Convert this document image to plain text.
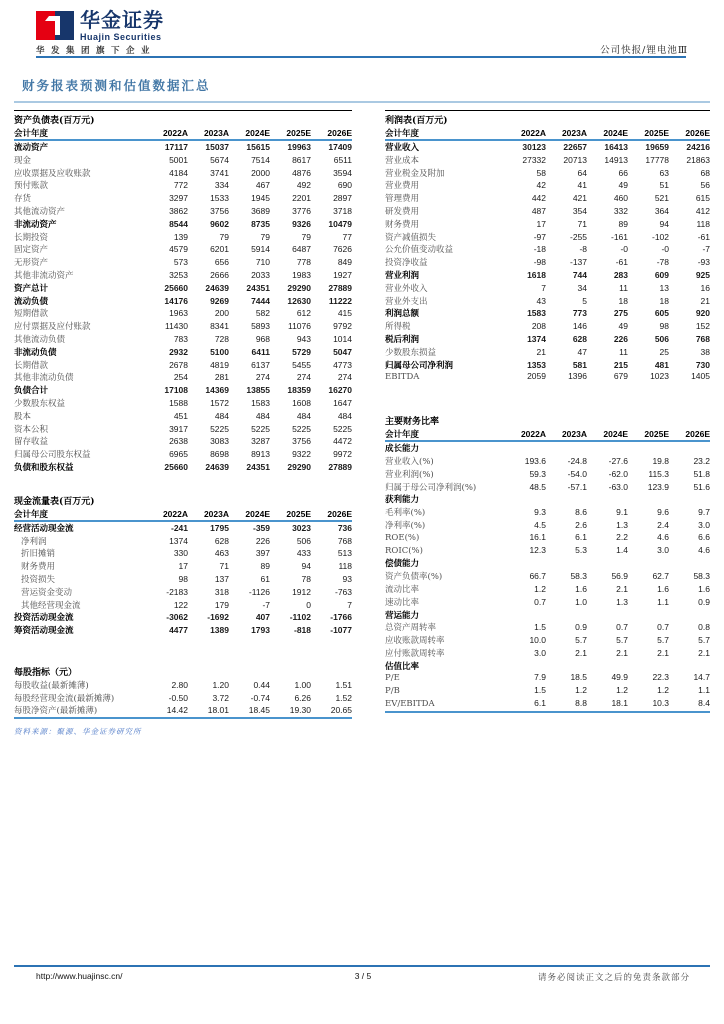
华金证券
Huajin Securities
华发集团旗下企业	公司快报/锂电池Ⅲ
财务报表预测和估值数据汇总
资产负债表(百万元)
会计年度	2022A	2023A	2024E	2025E	2026E
流动资产	17117	15037	15615	19963	17409
现金	5001	5674	7514	8617	6511
应收票据及应收账款	4184	3741	2000	4876	3594
预付账款	772	334	467	492	690
存货	3297	1533	1945	2201	2897
其他流动资产	3862	3756	3689	3776	3718
非流动资产	8544	9602	8735	9326	10479
长期投资	139	79	79	79	77
固定资产	4579	6201	5914	6487	7626
无形资产	573	656	710	778	849
其他非流动资产	3253	2666	2033	1983	1927
资产总计	25660	24639	24351	29290	27889
流动负债	14176	9269	7444	12630	11222
短期借款	1963	200	582	612	415
应付票据及应付账款	11430	8341	5893	11076	9792
其他流动负债	783	728	968	943	1014
非流动负债	2932	5100	6411	5729	5047
长期借款	2678	4819	6137	5455	4773
其他非流动负债	254	281	274	274	274
负债合计	17108	14369	13855	18359	16270
少数股东权益	1588	1572	1583	1608	1647
股本	451	484	484	484	484
资本公积	3917	5225	5225	5225	5225
留存收益	2638	3083	3287	3756	4472
归属母公司股东权益	6965	8698	8913	9322	9972
负债和股东权益	25660	24639	24351	29290	27889
现金流量表(百万元)
会计年度	2022A	2023A	2024E	2025E	2026E
经营活动现金流	-241	1795	-359	3023	736
净利润	1374	628	226	506	768
折旧摊销	330	463	397	433	513
财务费用	17	71	89	94	118
投资损失	98	137	61	78	93
营运资金变动	-2183	318	-1126	1912	-763
其他经营现金流	122	179	-7	0	7
投资活动现金流	-3062	-1692	407	-1102	-1766
筹资活动现金流	4477	1389	1793	-818	-1077
每股指标（元）
每股收益(最新摊薄)	2.80	1.20	0.44	1.00	1.51
每股经营现金流(最新摊薄)	-0.50	3.72	-0.74	6.26	1.52
每股净资产(最新摊薄)	14.42	18.01	18.45	19.30	20.65
资料来源：聚源、华金证券研究所
利润表(百万元)
会计年度	2022A	2023A	2024E	2025E	2026E
营业收入	30123	22657	16413	19659	24216
营业成本	27332	20713	14913	17778	21863
营业税金及附加	58	64	66	63	68
营业费用	42	41	49	51	56
管理费用	442	421	460	521	615
研发费用	487	354	332	364	412
财务费用	17	71	89	94	118
资产减值损失	-97	-255	-161	-102	-61
公允价值变动收益	-18	-8	-0	-0	-7
投资净收益	-98	-137	-61	-78	-93
营业利润	1618	744	283	609	925
营业外收入	7	34	11	13	16
营业外支出	43	5	18	18	21
利润总额	1583	773	275	605	920
所得税	208	146	49	98	152
税后利润	1374	628	226	506	768
少数股东损益	21	47	11	25	38
归属母公司净利润	1353	581	215	481	730
EBITDA	2059	1396	679	1023	1405
主要财务比率
会计年度	2022A	2023A	2024E	2025E	2026E
成长能力
营业收入(%)	193.6	-24.8	-27.6	19.8	23.2
营业利润(%)	59.3	-54.0	-62.0	115.3	51.8
归属于母公司净利润(%)	48.5	-57.1	-63.0	123.9	51.6
获利能力
毛利率(%)	9.3	8.6	9.1	9.6	9.7
净利率(%)	4.5	2.6	1.3	2.4	3.0
ROE(%)	16.1	6.1	2.2	4.6	6.6
ROIC(%)	12.3	5.3	1.4	3.0	4.6
偿债能力
资产负债率(%)	66.7	58.3	56.9	62.7	58.3
流动比率	1.2	1.6	2.1	1.6	1.6
速动比率	0.7	1.0	1.3	1.1	0.9
营运能力
总资产周转率	1.5	0.9	0.7	0.7	0.8
应收账款周转率	10.0	5.7	5.7	5.7	5.7
应付账款周转率	3.0	2.1	2.1	2.1	2.1
估值比率
P/E	7.9	18.5	49.9	22.3	14.7
P/B	1.5	1.2	1.2	1.2	1.1
EV/EBITDA	6.1	8.8	18.1	10.3	8.4
http://www.huajinsc.cn/	3 / 5	请务必阅读正文之后的免责条款部分
